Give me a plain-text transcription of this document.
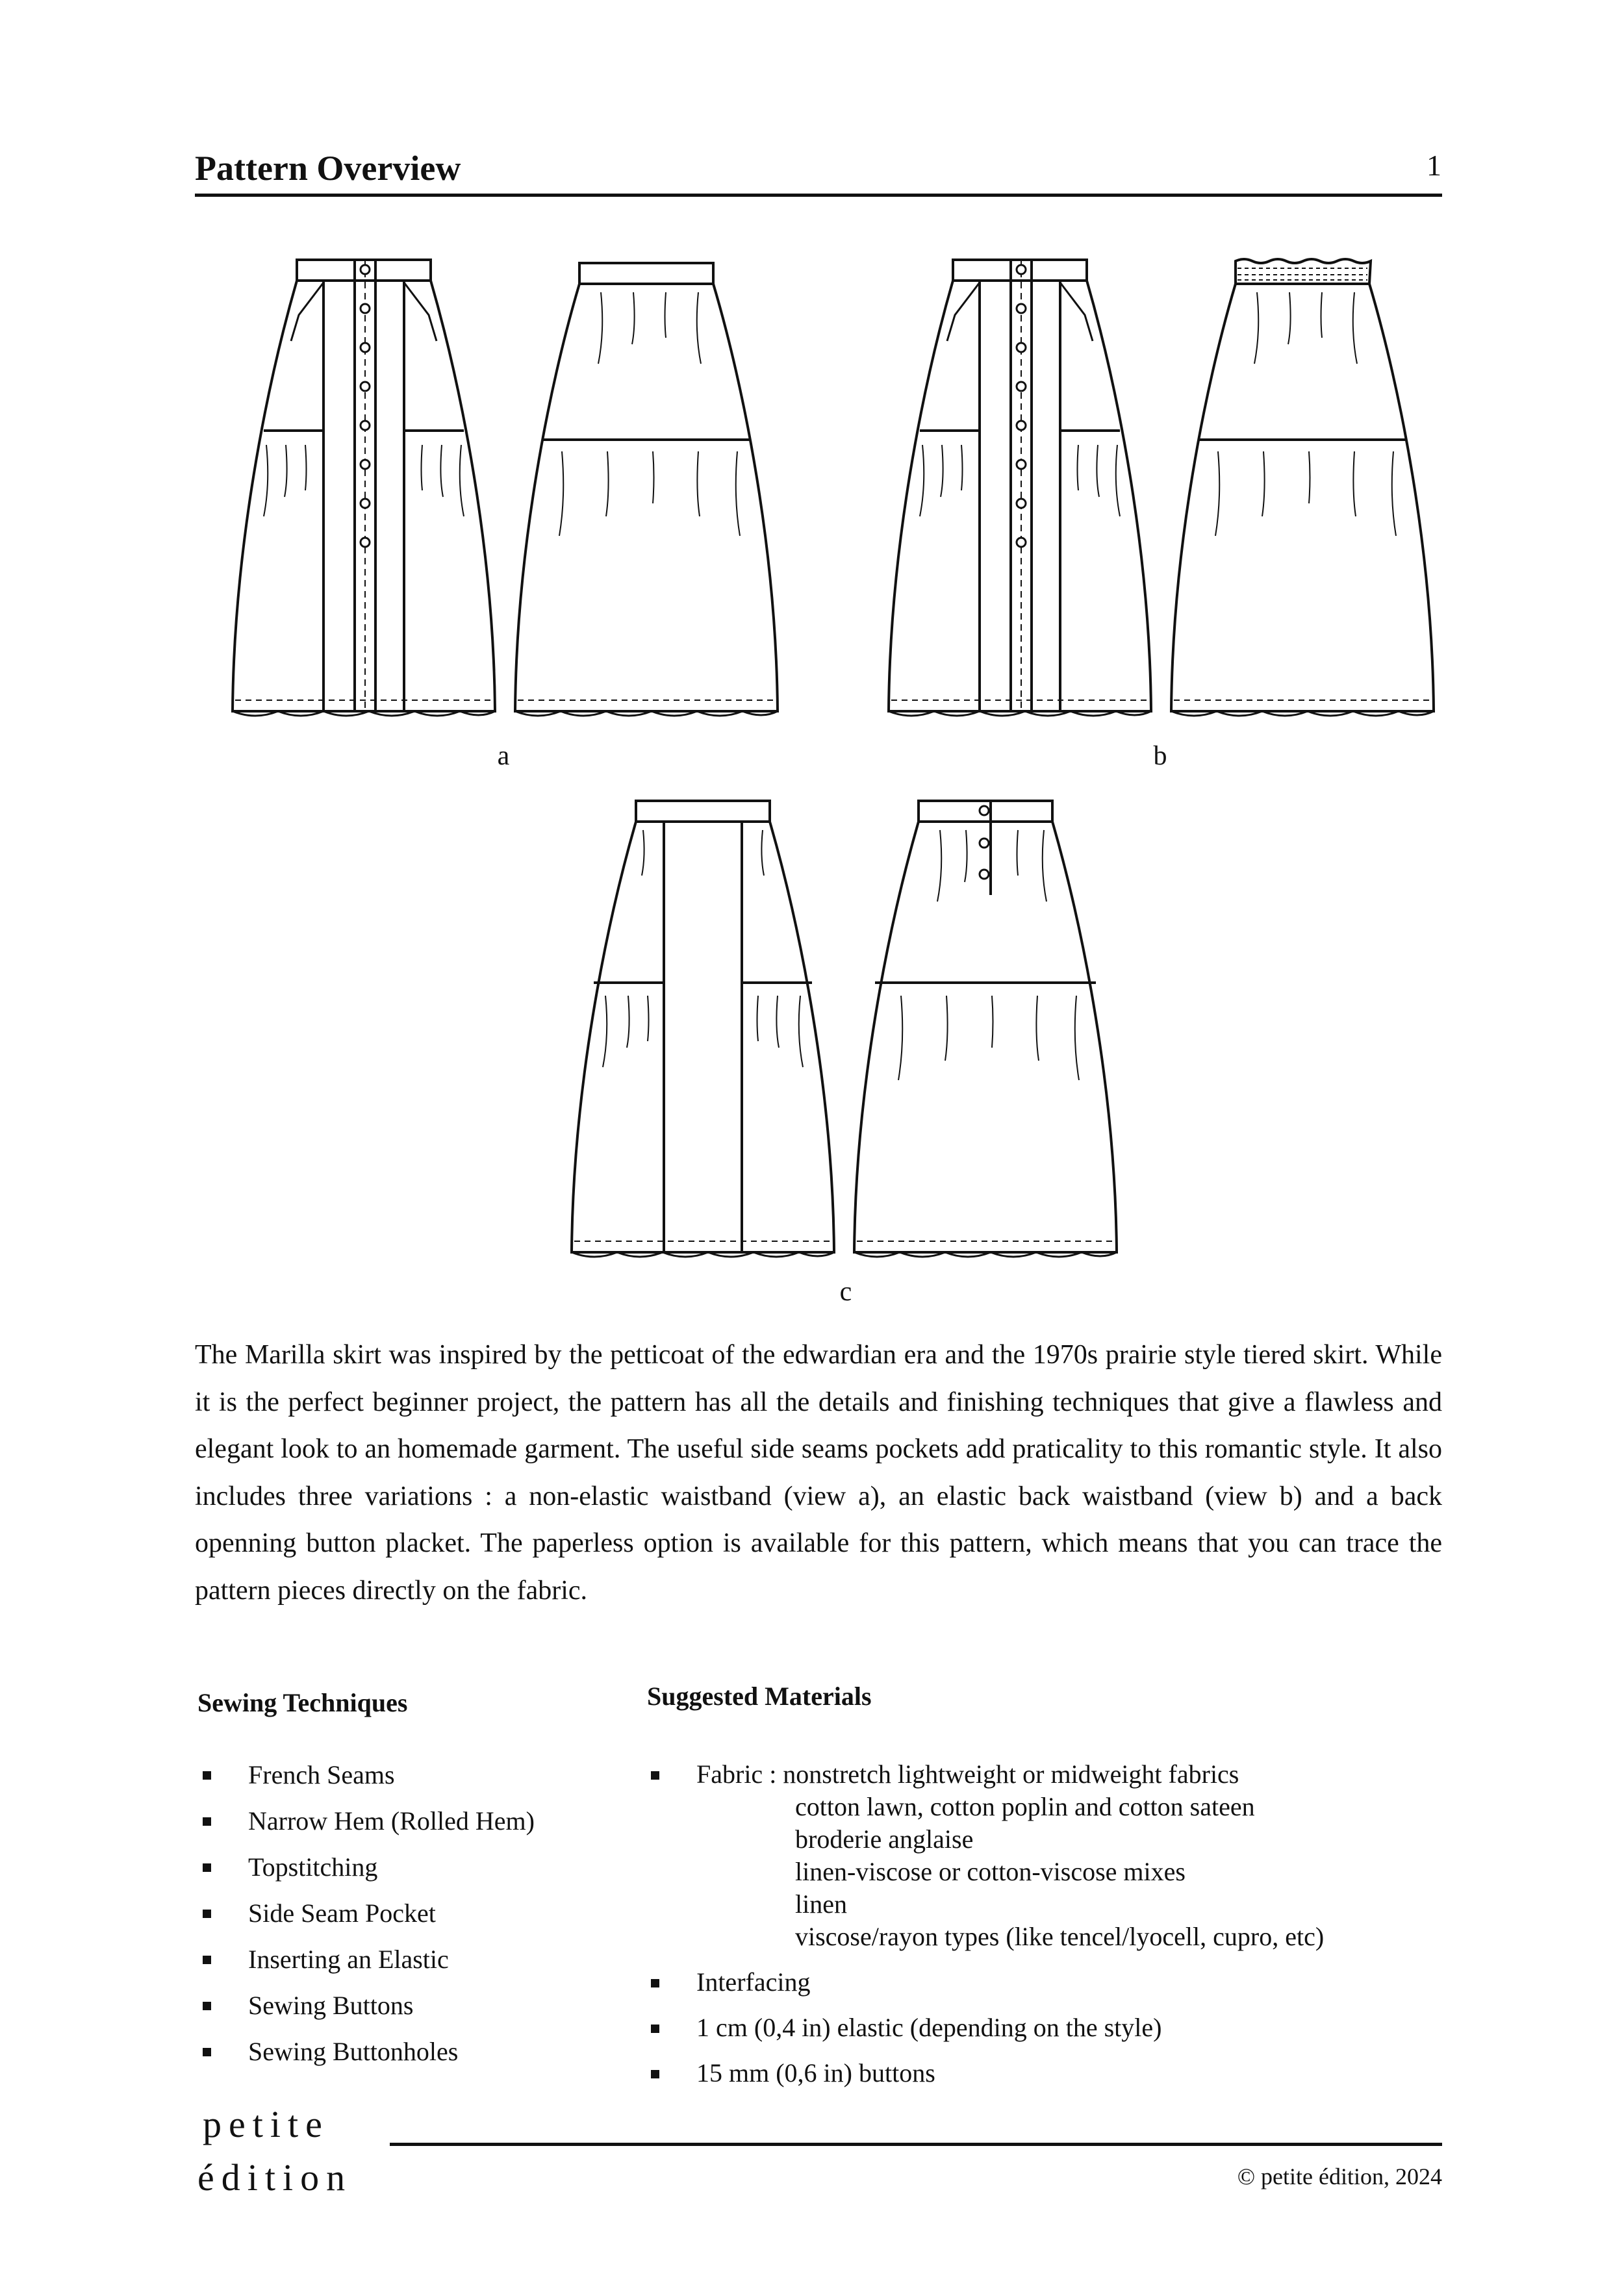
Pattern Overview	1
a	b
c
The Marilla skirt was inspired by the petticoat of the edwardian era and the 1970s prairie style tiered skirt. While it is the perfect beginner project, the pattern has all the details and finishing techniques that give a flawless and elegant look to an homemade garment. The useful side seams pockets add praticality to this romantic style. It also includes three variations : a non-elastic waistband (view a), an elastic back waistband (view b) and a back openning button placket. The paperless option is available for this pattern, which means that you can trace the pattern pieces directly on the fabric.
Sewing Techniques
French Seams
Narrow Hem (Rolled Hem)
Topstitching
Side Seam Pocket
Inserting an Elastic
Sewing Buttons
Sewing Buttonholes
Suggested Materials
Fabric : nonstretch lightweight or midweight fabrics
cotton lawn, cotton poplin and cotton sateen
broderie anglaise
linen-viscose or cotton-viscose mixes
linen
viscose/rayon types (like tencel/lyocell, cupro, etc)
Interfacing
1 cm (0,4 in) elastic (depending on the style)
15 mm (0,6 in) buttons
petite
édition	© petite édition, 2024
